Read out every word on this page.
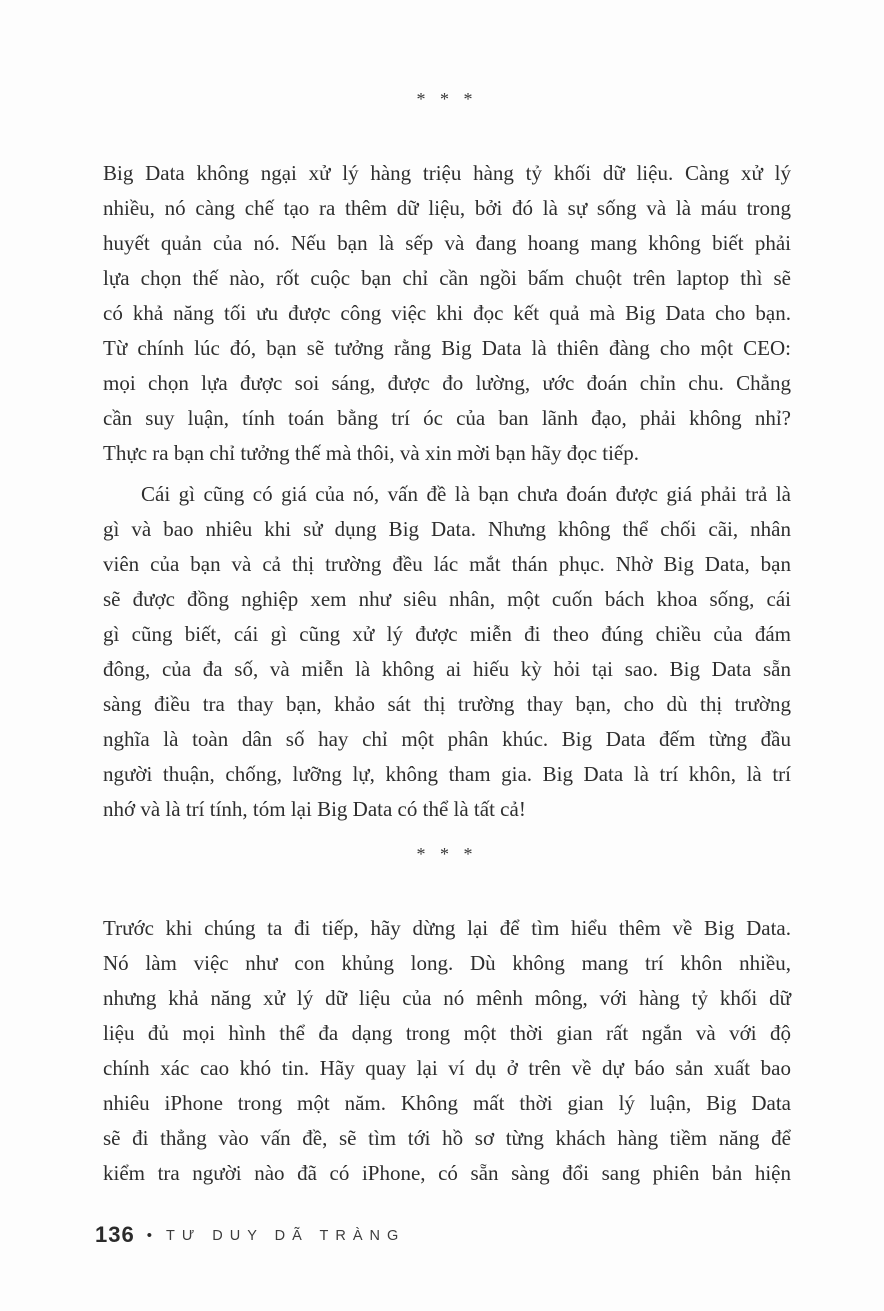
* * *
Big Data không ngại xử lý hàng triệu hàng tỷ khối dữ liệu. Càng xử lý
nhiều, nó càng chế tạo ra thêm dữ liệu, bởi đó là sự sống và là máu trong
huyết quản của nó. Nếu bạn là sếp và đang hoang mang không biết phải
lựa chọn thế nào, rốt cuộc bạn chỉ cần ngồi bấm chuột trên laptop thì sẽ
có khả năng tối ưu được công việc khi đọc kết quả mà Big Data cho bạn.
Từ chính lúc đó, bạn sẽ tưởng rằng Big Data là thiên đàng cho một CEO:
mọi chọn lựa được soi sáng, được đo lường, ước đoán chỉn chu. Chẳng
cần suy luận, tính toán bằng trí óc của ban lãnh đạo, phải không nhỉ?
Thực ra bạn chỉ tưởng thế mà thôi, và xin mời bạn hãy đọc tiếp.
Cái gì cũng có giá của nó, vấn đề là bạn chưa đoán được giá phải trả là
gì và bao nhiêu khi sử dụng Big Data. Nhưng không thể chối cãi, nhân
viên của bạn và cả thị trường đều lác mắt thán phục. Nhờ Big Data, bạn
sẽ được đồng nghiệp xem như siêu nhân, một cuốn bách khoa sống, cái
gì cũng biết, cái gì cũng xử lý được miễn đi theo đúng chiều của đám
đông, của đa số, và miễn là không ai hiếu kỳ hỏi tại sao. Big Data sẵn
sàng điều tra thay bạn, khảo sát thị trường thay bạn, cho dù thị trường
nghĩa là toàn dân số hay chỉ một phân khúc. Big Data đếm từng đầu
người thuận, chống, lưỡng lự, không tham gia. Big Data là trí khôn, là trí
nhớ và là trí tính, tóm lại Big Data có thể là tất cả!
* * *
Trước khi chúng ta đi tiếp, hãy dừng lại để tìm hiểu thêm về Big Data.
Nó làm việc như con khủng long. Dù không mang trí khôn nhiều,
nhưng khả năng xử lý dữ liệu của nó mênh mông, với hàng tỷ khối dữ
liệu đủ mọi hình thể đa dạng trong một thời gian rất ngắn và với độ
chính xác cao khó tin. Hãy quay lại ví dụ ở trên về dự báo sản xuất bao
nhiêu iPhone trong một năm. Không mất thời gian lý luận, Big Data
sẽ đi thẳng vào vấn đề, sẽ tìm tới hồ sơ từng khách hàng tiềm năng để
kiểm tra người nào đã có iPhone, có sẵn sàng đổi sang phiên bản hiện
136 • TƯ DUY DÃ TRÀNG
